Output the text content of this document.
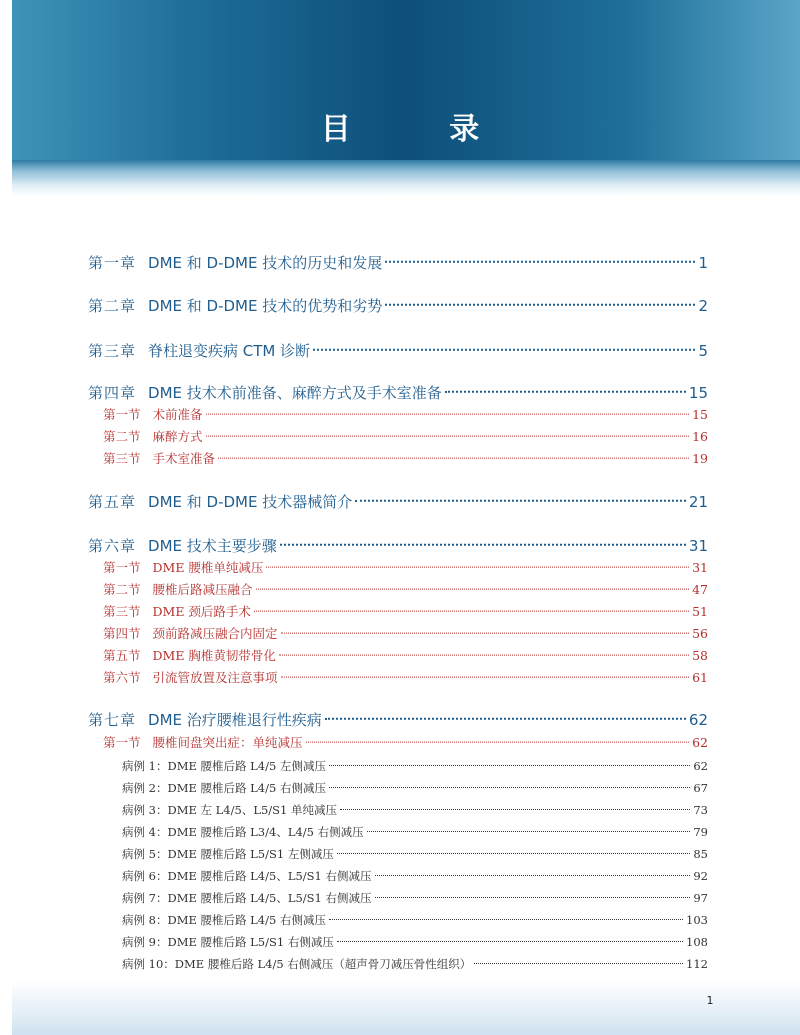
目 录
第一章 DME 和 D-DME 技术的历史和发展	1
第二章 DME 和 D-DME 技术的优势和劣势	2
第三章 脊柱退变疾病 CTM 诊断	5
第四章 DME 技术术前准备、麻醉方式及手术室准备	15
第一节 术前准备	15
第二节 麻醉方式	16
第三节 手术室准备	19
第五章 DME 和 D-DME 技术器械简介	21
第六章 DME 技术主要步骤	31
第一节 DME 腰椎单纯减压	31
第二节 腰椎后路减压融合	47
第三节 DME 颈后路手术	51
第四节 颈前路减压融合内固定	56
第五节 DME 胸椎黄韧带骨化	58
第六节 引流管放置及注意事项	61
第七章 DME 治疗腰椎退行性疾病	62
第一节 腰椎间盘突出症：单纯减压	62
病例 1：DME 腰椎后路 L4/5 左侧减压	62
病例 2：DME 腰椎后路 L4/5 右侧减压	67
病例 3：DME 左 L4/5、L5/S1 单纯减压	73
病例 4：DME 腰椎后路 L3/4、L4/5 右侧减压	79
病例 5：DME 腰椎后路 L5/S1 左侧减压	85
病例 6：DME 腰椎后路 L4/5、L5/S1 右侧减压	92
病例 7：DME 腰椎后路 L4/5、L5/S1 右侧减压	97
病例 8：DME 腰椎后路 L4/5 右侧减压	103
病例 9：DME 腰椎后路 L5/S1 右侧减压	108
病例 10：DME 腰椎后路 L4/5 右侧减压（超声骨刀减压骨性组织）	112
1
